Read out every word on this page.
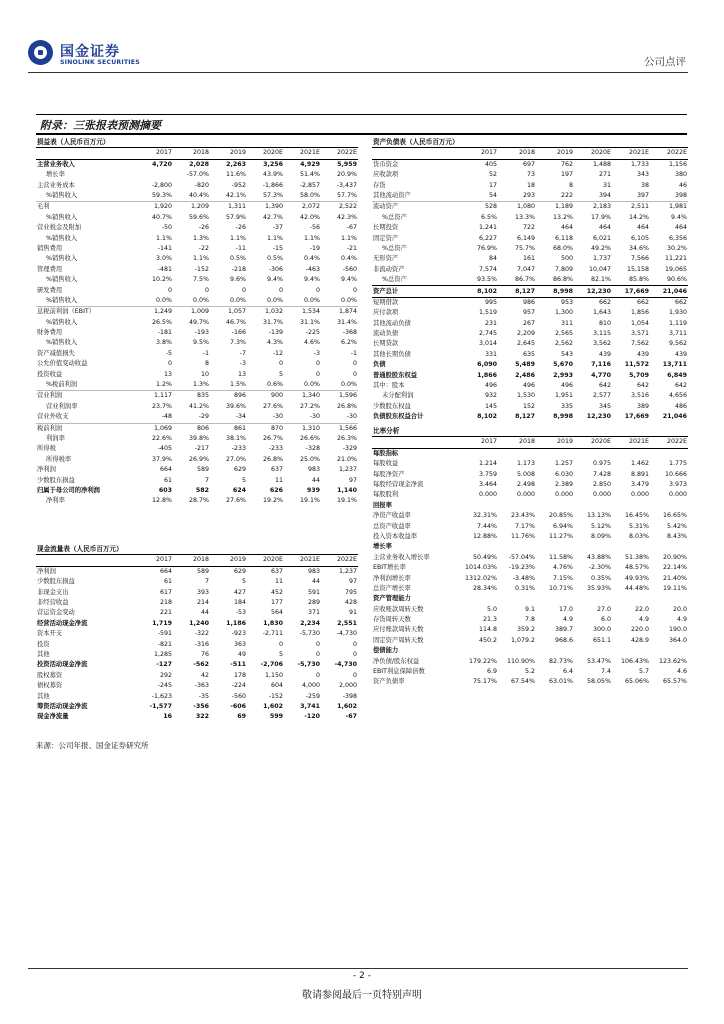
国金证券
SINOLINK SECURITIES	公司点评
附录：三张报表预测摘要
损益表（人民币百万元）						
	2017	2018	2019	2020E	2021E	2022E
主营业务收入	4,720	2,028	2,263	3,256	4,929	5,959
增长率		-57.0%	11.6%	43.9%	51.4%	20.9%
主营业务成本	-2,800	-820	-952	-1,866	-2,857	-3,437
%销售收入	59.3%	40.4%	42.1%	57.3%	58.0%	57.7%
毛利	1,920	1,209	1,311	1,390	2,072	2,522
%销售收入	40.7%	59.6%	57.9%	42.7%	42.0%	42.3%
营业税金及附加	-50	-26	-26	-37	-56	-67
%销售收入	1.1%	1.3%	1.1%	1.1%	1.1%	1.1%
销售费用	-141	-22	-11	-15	-19	-21
%销售收入	3.0%	1.1%	0.5%	0.5%	0.4%	0.4%
管理费用	-481	-152	-218	-306	-463	-560
%销售收入	10.2%	7.5%	9.6%	9.4%	9.4%	9.4%
研发费用	0	0	0	0	0	0
%销售收入	0.0%	0.0%	0.0%	0.0%	0.0%	0.0%
息税前利润（EBIT）	1,249	1,009	1,057	1,032	1,534	1,874
%销售收入	26.5%	49.7%	46.7%	31.7%	31.1%	31.4%
财务费用	-181	-193	-166	-139	-225	-368
%销售收入	3.8%	9.5%	7.3%	4.3%	4.6%	6.2%
资产减值损失	-5	-1	-7	-12	-3	-1
公允价值变动收益	0	8	-3	0	0	0
投资收益	13	10	13	5	0	0
%税前利润	1.2%	1.3%	1.5%	0.6%	0.0%	0.0%
营业利润	1,117	835	896	900	1,340	1,596
营业利润率	23.7%	41.2%	39.6%	27.6%	27.2%	26.8%
营业外收支	-48	-29	-34	-30	-30	-30
税前利润	1,069	806	861	870	1,310	1,566
利润率	22.6%	39.8%	38.1%	26.7%	26.6%	26.3%
所得税	-405	-217	-233	-233	-328	-329
所得税率	37.9%	26.9%	27.0%	26.8%	25.0%	21.0%
净利润	664	589	629	637	983	1,237
少数股东损益	61	7	5	11	44	97
归属于母公司的净利润	603	582	624	626	939	1,140
净利率	12.8%	28.7%	27.6%	19.2%	19.1%	19.1%
现金流量表（人民币百万元）						
	2017	2018	2019	2020E	2021E	2022E
净利润	664	589	629	637	983	1,237
少数股东损益	61	7	5	11	44	97
非现金支出	617	393	427	452	591	795
非经营收益	218	214	184	177	289	428
营运资金变动	221	44	-53	564	371	91
经营活动现金净流	1,719	1,240	1,186	1,830	2,234	2,551
资本开支	-591	-322	-923	-2,711	-5,730	-4,730
投资	-821	-316	363	0	0	0
其他	1,285	76	49	5	0	0
投资活动现金净流	-127	-562	-511	-2,706	-5,730	-4,730
股权募资	292	42	178	1,150	0	0
债权募资	-245	-363	-224	604	4,000	2,000
其他	-1,623	-35	-560	-152	-259	-398
筹资活动现金净流	-1,577	-356	-606	1,602	3,741	1,602
现金净流量	16	322	69	599	-120	-67
资产负债表（人民币百万元）						
	2017	2018	2019	2020E	2021E	2022E
货币资金	405	697	762	1,488	1,733	1,156
应收款项	52	73	197	271	343	380
存货	17	18	8	31	38	46
其他流动资产	54	293	222	394	397	398
流动资产	528	1,080	1,189	2,183	2,511	1,981
%总资产	6.5%	13.3%	13.2%	17.9%	14.2%	9.4%
长期投资	1,241	722	464	464	464	464
固定资产	6,227	6,149	6,118	6,021	6,105	6,356
%总资产	76.9%	75.7%	68.0%	49.2%	34.6%	30.2%
无形资产	84	161	500	1,737	7,566	11,221
非流动资产	7,574	7,047	7,809	10,047	15,158	19,065
%总资产	93.5%	86.7%	86.8%	82.1%	85.8%	90.6%
资产总计	8,102	8,127	8,998	12,230	17,669	21,046
短期借款	995	986	953	662	662	662
应付款项	1,519	957	1,300	1,643	1,856	1,930
其他流动负债	231	267	311	810	1,054	1,119
流动负债	2,745	2,209	2,565	3,115	3,571	3,711
长期贷款	3,014	2,645	2,562	3,562	7,562	9,562
其他长期负债	331	635	543	439	439	439
负债	6,090	5,489	5,670	7,116	11,572	13,711
普通股股东权益	1,866	2,486	2,993	4,770	5,709	6,849
其中：股本	496	496	496	642	642	642
未分配利润	932	1,530	1,951	2,577	3,516	4,656
少数股东权益	145	152	335	345	389	486
负债股东权益合计	8,102	8,127	8,998	12,230	17,669	21,046
比率分析						
	2017	2018	2019	2020E	2021E	2022E
每股指标						
每股收益	1.214	1.173	1.257	0.975	1.462	1.775
每股净资产	3.759	5.008	6.030	7.428	8.891	10.666
每股经营现金净流	3.464	2.498	2.389	2.850	3.479	3.973
每股股利	0.000	0.000	0.000	0.000	0.000	0.000
回报率						
净资产收益率	32.31%	23.43%	20.85%	13.13%	16.45%	16.65%
总资产收益率	7.44%	7.17%	6.94%	5.12%	5.31%	5.42%
投入资本收益率	12.88%	11.76%	11.27%	8.09%	8.03%	8.43%
增长率						
主营业务收入增长率	50.49%	-57.04%	11.58%	43.88%	51.38%	20.90%
EBIT增长率	1014.03%	-19.23%	4.76%	-2.30%	48.57%	22.14%
净利润增长率	1312.02%	-3.48%	7.15%	0.35%	49.93%	21.40%
总资产增长率	28.34%	0.31%	10.71%	35.93%	44.48%	19.11%
资产管理能力						
应收账款周转天数	5.0	9.1	17.0	27.0	22.0	20.0
存货周转天数	21.3	7.8	4.9	6.0	4.9	4.9
应付账款周转天数	114.8	359.2	389.7	300.0	220.0	190.0
固定资产周转天数	450.2	1,079.2	968.6	651.1	428.9	364.0
偿债能力						
净负债/股东权益	179.22%	110.90%	82.73%	53.47%	106.43%	123.62%
EBIT利息保障倍数	6.9	5.2	6.4	7.4	5.7	4.6
资产负债率	75.17%	67.54%	63.01%	58.05%	65.06%	65.57%
来源：公司年报、国金证券研究所
- 2 -
敬请参阅最后一页特别声明
